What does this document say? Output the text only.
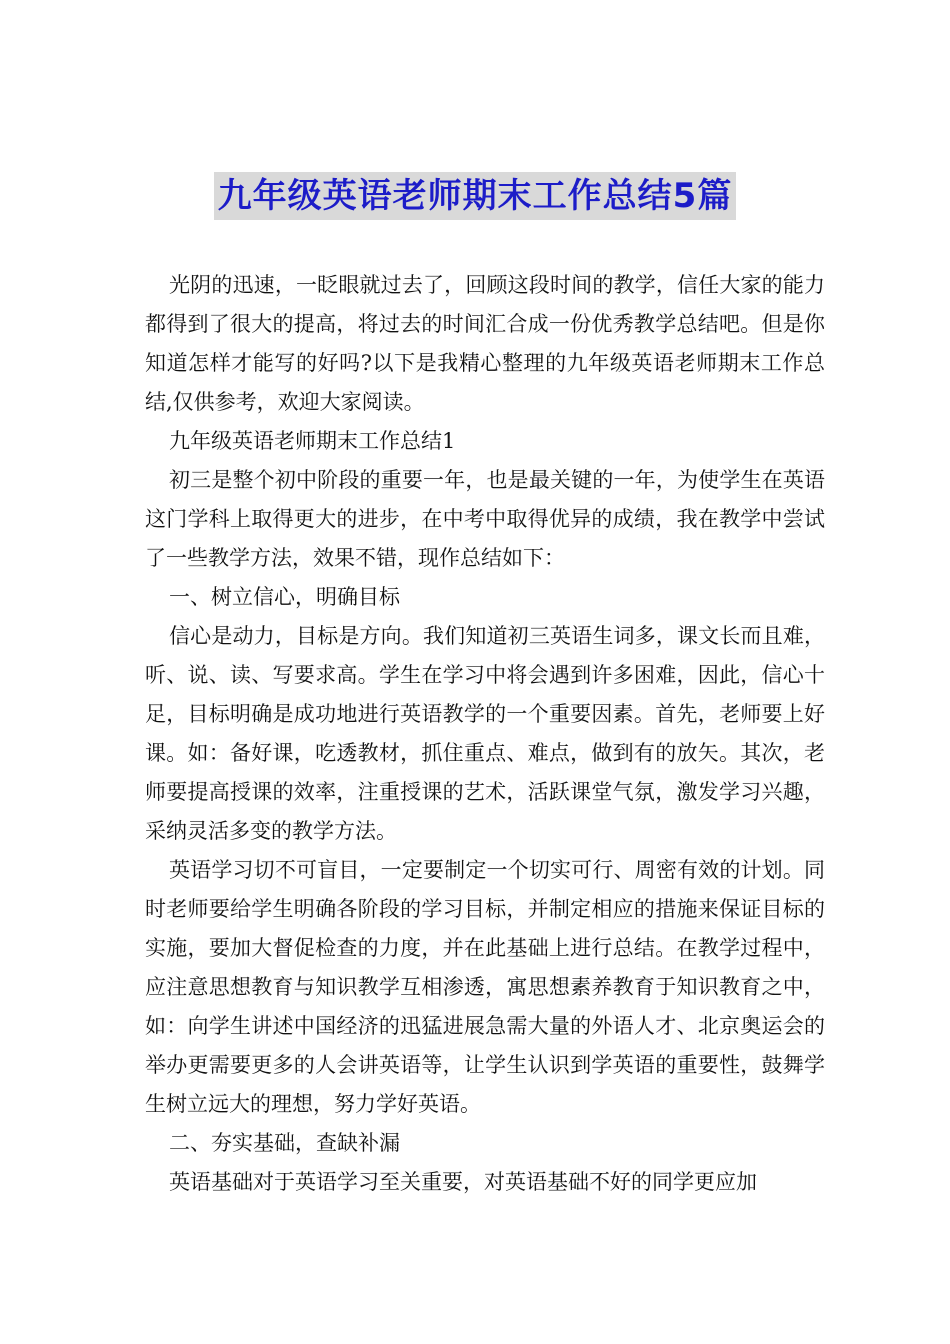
九年级英语老师期末工作总结5篇

光阴的迅速，一眨眼就过去了，回顾这段时间的教学，信任大家的能力都得到了很大的提高，将过去的时间汇合成一份优秀教学总结吧。但是你知道怎样才能写的好吗?以下是我精心整理的九年级英语老师期末工作总结,仅供参考，欢迎大家阅读。

九年级英语老师期末工作总结1

初三是整个初中阶段的重要一年，也是最关键的一年，为使学生在英语这门学科上取得更大的进步，在中考中取得优异的成绩，我在教学中尝试了一些教学方法，效果不错，现作总结如下：

一、树立信心，明确目标

信心是动力，目标是方向。我们知道初三英语生词多，课文长而且难，听、说、读、写要求高。学生在学习中将会遇到许多困难，因此，信心十足，目标明确是成功地进行英语教学的一个重要因素。首先，老师要上好课。如：备好课，吃透教材，抓住重点、难点，做到有的放矢。其次，老师要提高授课的效率，注重授课的艺术，活跃课堂气氛，激发学习兴趣，采纳灵活多变的教学方法。

英语学习切不可盲目，一定要制定一个切实可行、周密有效的计划。同时老师要给学生明确各阶段的学习目标，并制定相应的措施来保证目标的实施，要加大督促检查的力度，并在此基础上进行总结。在教学过程中，应注意思想教育与知识教学互相渗透，寓思想素养教育于知识教育之中，如：向学生讲述中国经济的迅猛进展急需大量的外语人才、北京奥运会的举办更需要更多的人会讲英语等，让学生认识到学英语的重要性，鼓舞学生树立远大的理想，努力学好英语。

二、夯实基础，查缺补漏

英语基础对于英语学习至关重要，对英语基础不好的同学更应加
